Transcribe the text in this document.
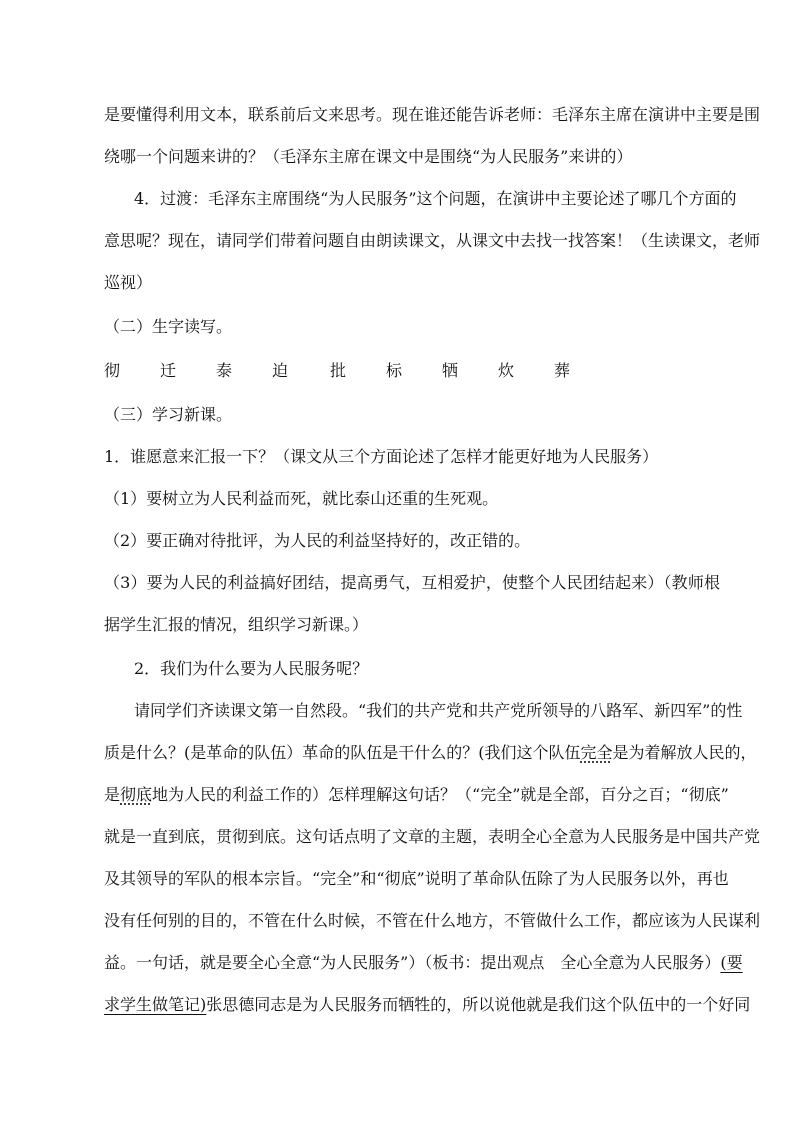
是要懂得利用文本，联系前后文来思考。现在谁还能告诉老师：毛泽东主席在演讲中主要是围
绕哪一个问题来讲的？（毛泽东主席在课文中是围绕“为人民服务”来讲的）
4．过渡：毛泽东主席围绕“为人民服务”这个问题，在演讲中主要论述了哪几个方面的
意思呢？现在，请同学们带着问题自由朗读课文，从课文中去找一找答案！（生读课文，老师
巡视）
（二）生字读写。
彻 迁 泰 迫	批 标 牺 炊 葬
（三）学习新课。
1．谁愿意来汇报一下？（课文从三个方面论述了怎样才能更好地为人民服务）
（1）要树立为人民利益而死，就比泰山还重的生死观。
（2）要正确对待批评，为人民的利益坚持好的，改正错的。
（3）要为人民的利益搞好团结，提高勇气，互相爱护，使整个人民团结起来）（教师根
据学生汇报的情况，组织学习新课。）
2．我们为什么要为人民服务呢？
请同学们齐读课文第一自然段。“我们的共产党和共产党所领导的八路军、新四军”的性
质是什么？(是革命的队伍）革命的队伍是干什么的？(我们这个队伍完全是为着解放人民的，
是彻底地为人民的利益工作的）怎样理解这句话？（“完全”就是全部，百分之百；“彻底”
就是一直到底，贯彻到底。这句话点明了文章的主题，表明全心全意为人民服务是中国共产党
及其领导的军队的根本宗旨。“完全”和“彻底”说明了革命队伍除了为人民服务以外，再也
没有任何别的目的，不管在什么时候，不管在什么地方，不管做什么工作，都应该为人民谋利
益。一句话，就是要全心全意“为人民服务”）（板书：提出观点　全心全意为人民服务）(要
求学生做笔记)张思德同志是为人民服务而牺牲的，所以说他就是我们这个队伍中的一个好同
